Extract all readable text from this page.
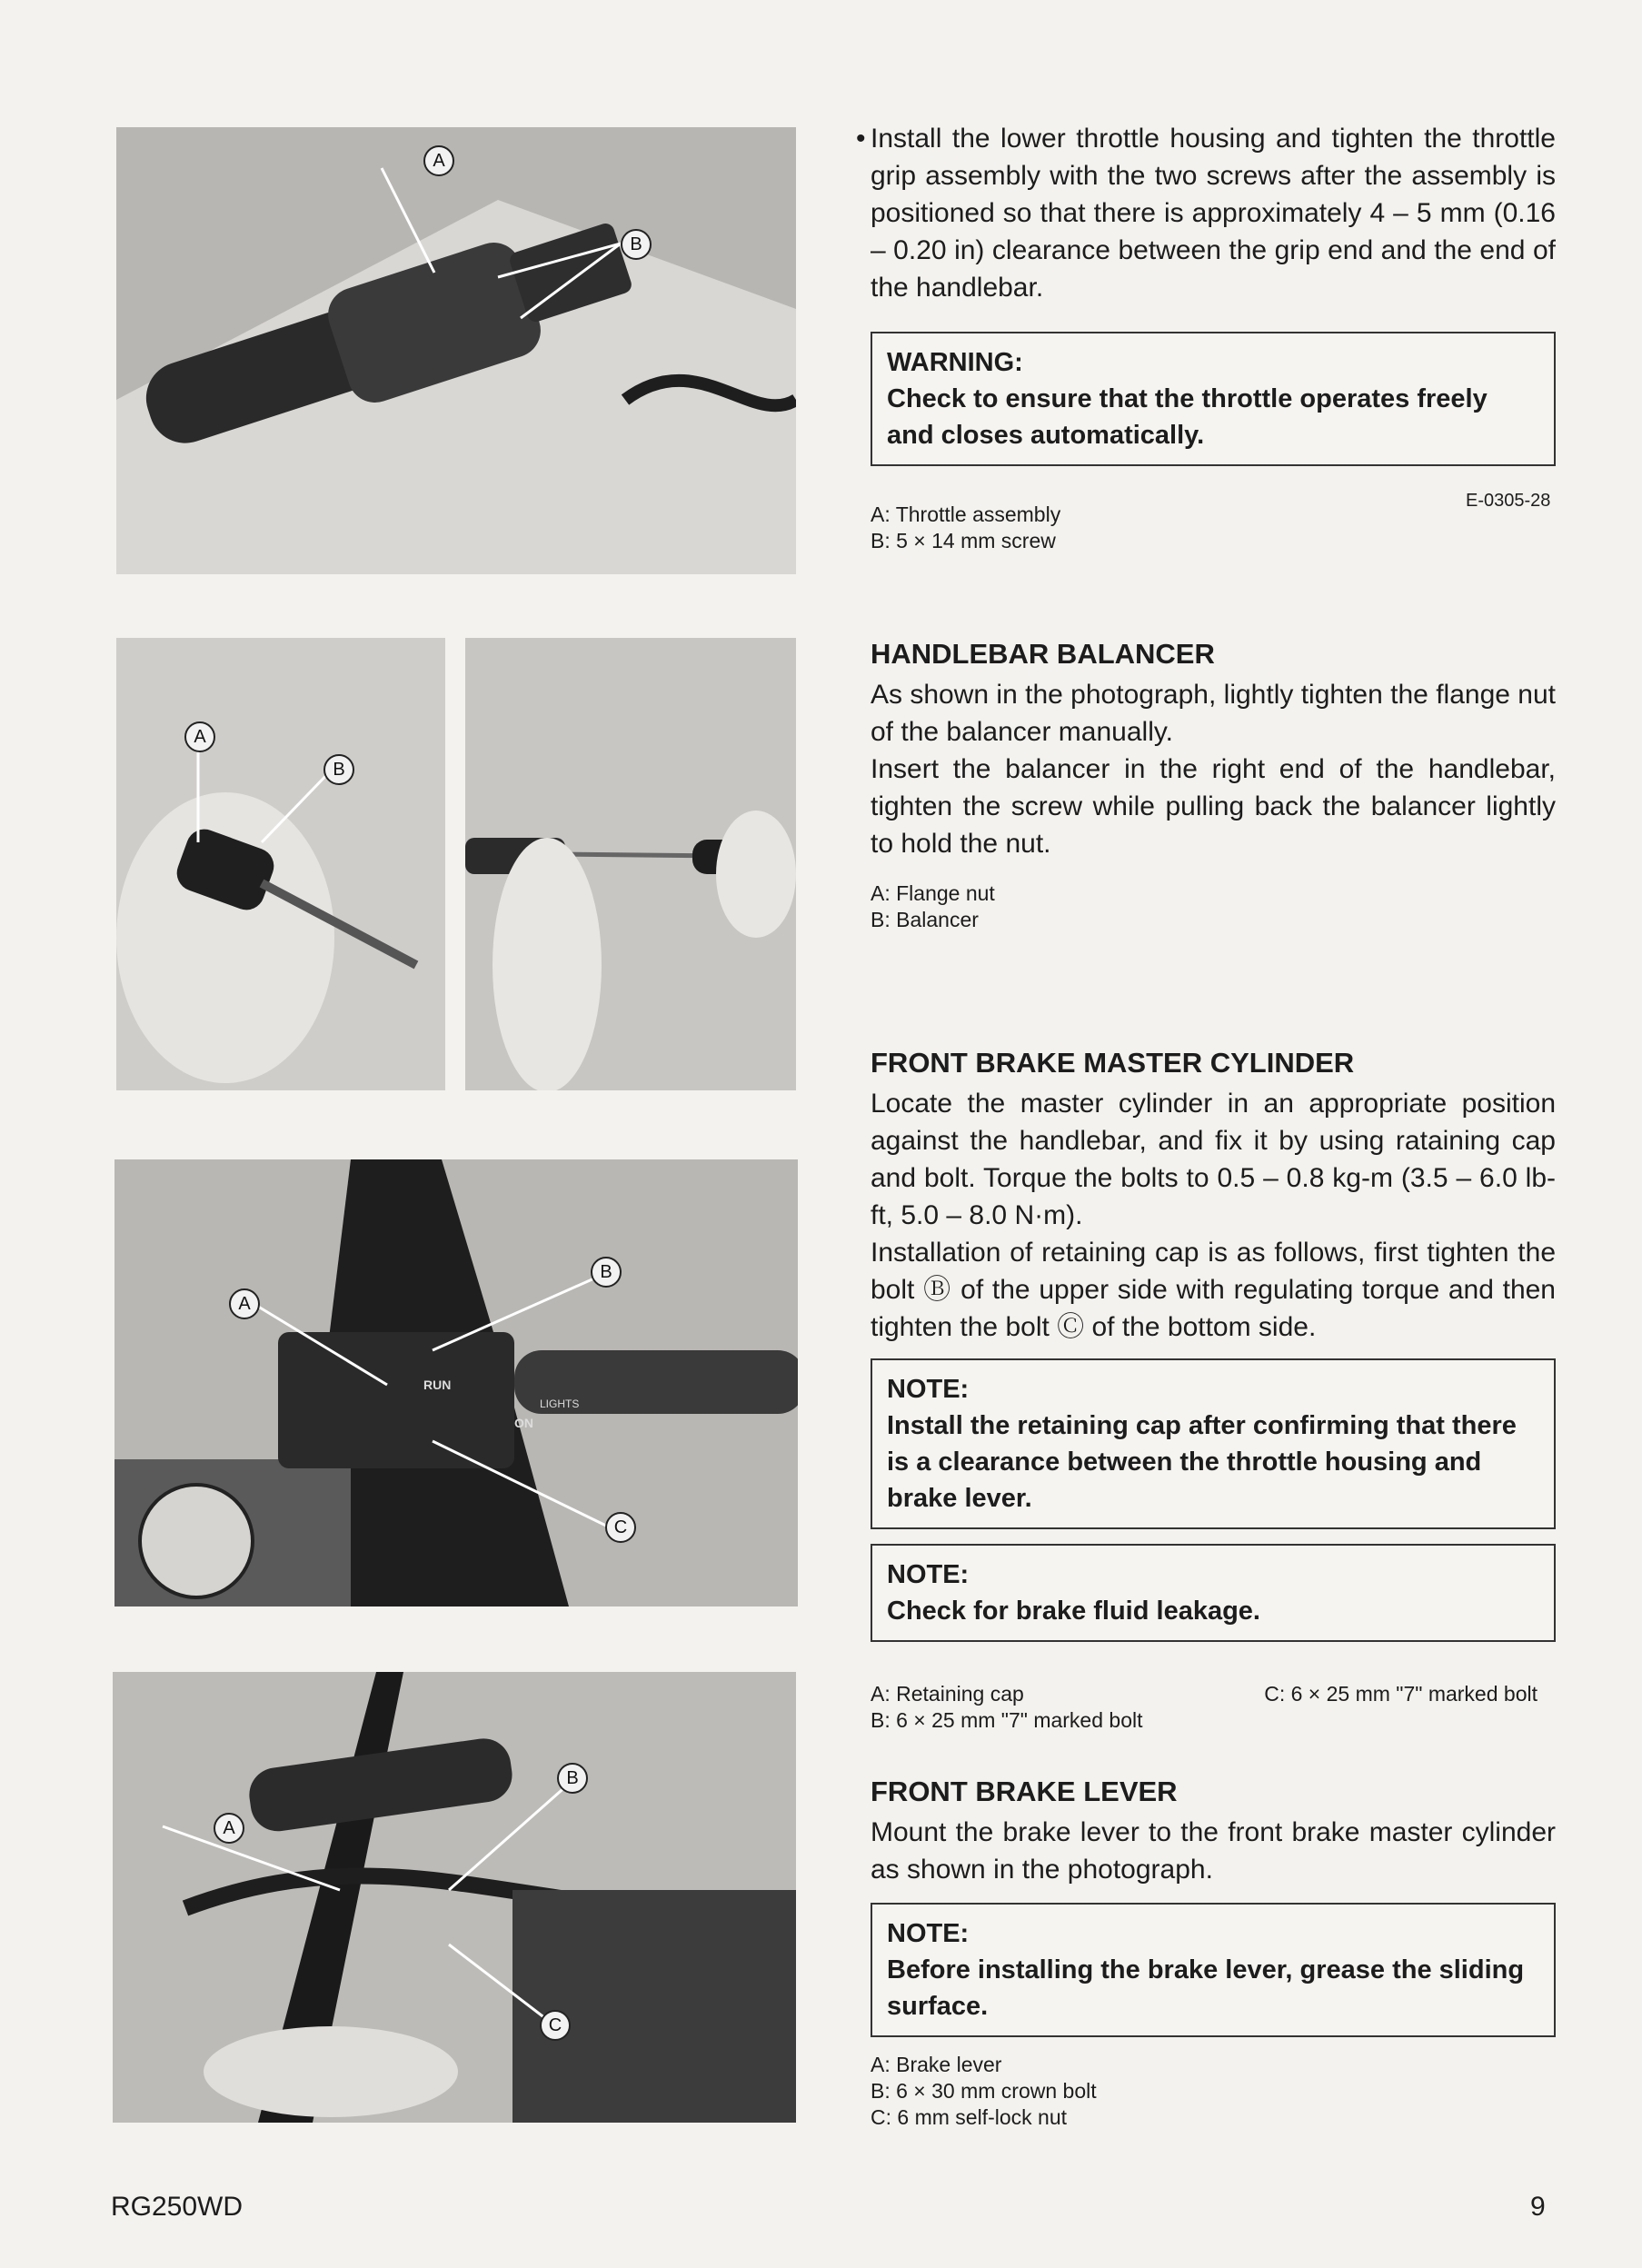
A
B
A
B
A
B
C
RUN
ON
LIGHTS
A
B
C

• Install the lower throttle housing and tighten the throttle grip assembly with the two screws after the assembly is positioned so that there is approximately 4 – 5 mm (0.16 – 0.20 in) clearance between the grip end and the end of the handlebar.

WARNING:
Check to ensure that the throttle operates freely and closes automatically.
E-0305-28

A: Throttle assembly

B: 5 × 14 mm screw

HANDLEBAR BALANCER

As shown in the photograph, lightly tighten the flange nut of the balancer manually.

Insert the balancer in the right end of the handlebar, tighten the screw while pulling back the balancer lightly to hold the nut.

A: Flange nut

B: Balancer

FRONT BRAKE MASTER CYLINDER

Locate the master cylinder in an appropriate position against the handlebar, and fix it by using rataining cap and bolt. Torque the bolts to 0.5 – 0.8 kg-m (3.5 – 6.0 lb-ft, 5.0 – 8.0 N·m).

Installation of retaining cap is as follows, first tighten the bolt Ⓑ of the upper side with regulating torque and then tighten the bolt Ⓒ of the bottom side.

NOTE:
Install the retaining cap after confirming that there is a clearance between the throttle housing and brake lever.
NOTE:
Check for brake fluid leakage.

A: Retaining cap

B: 6 × 25 mm "7" marked bolt

C: 6 × 25 mm "7" marked bolt

FRONT BRAKE LEVER

Mount the brake lever to the front brake master cylinder as shown in the photograph.

NOTE:
Before installing the brake lever, grease the sliding surface.

A: Brake lever

B: 6 × 30 mm crown bolt

C: 6 mm self-lock nut

RG250WD	9
